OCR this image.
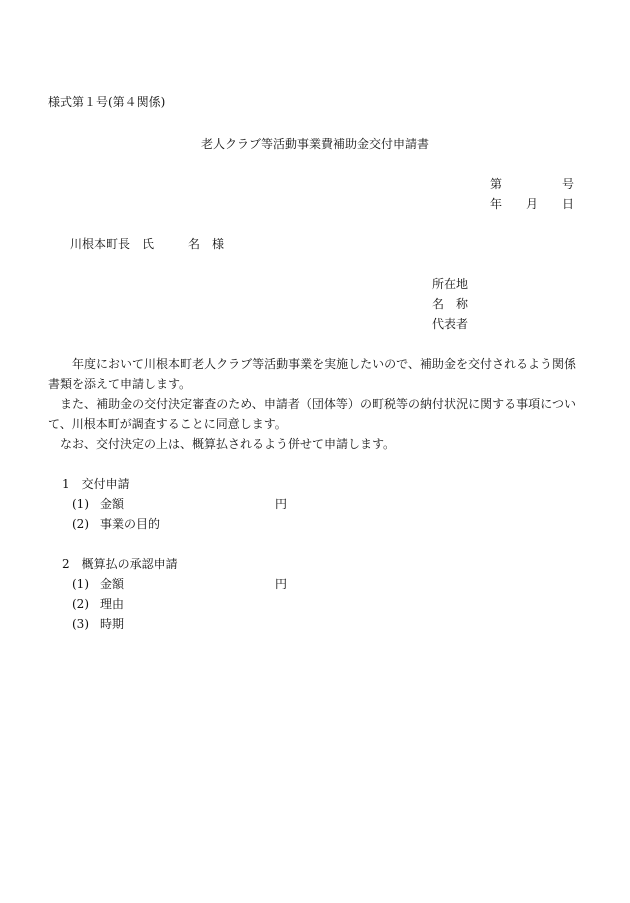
様式第１号(第４関係)
老人クラブ等活動事業費補助金交付申請書
第	号
年 月 日
川根本町長 氏	名 様
所在地
名　称
代表者

　　年度において川根本町老人クラブ等活動事業を実施したいので、補助金を交付されるよう関係書類を添えて申請します。

　また、補助金の交付決定審査のため、申請者（団体等）の町税等の納付状況に関する事項について、川根本町が調査することに同意します。

　なお、交付決定の上は、概算払されるよう併せて申請します。

1　交付申請
(1) 金額	円
(2) 事業の目的
2　概算払の承認申請
(1) 金額	円
(2) 理由
(3) 時期
